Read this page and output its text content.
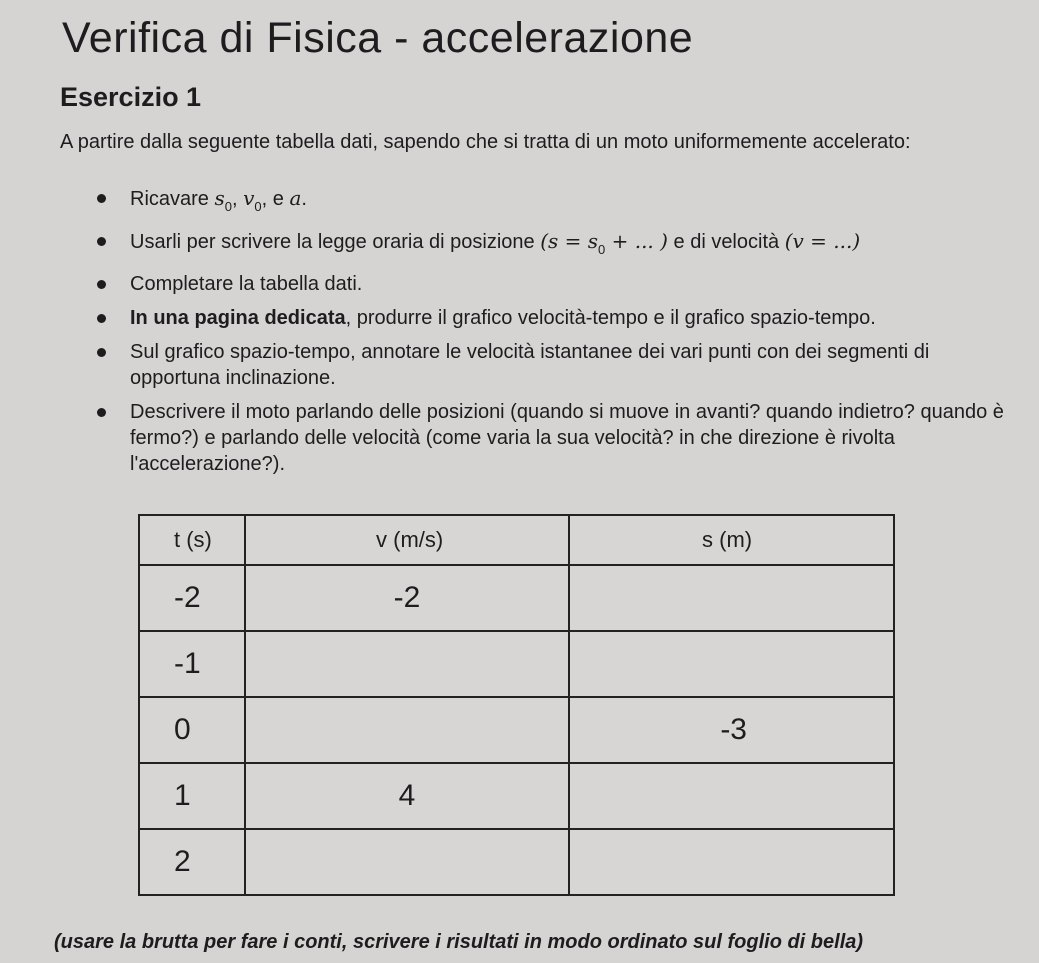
Verifica di Fisica - accelerazione
Esercizio 1

A partire dalla seguente tabella dati, sapendo che si tratta di un moto uniformemente accelerato:

Ricavare $s_0$, $v_0$, e a.
Usarli per scrivere la legge oraria di posizione ($s = s_0$ + ... ) e di velocità (v = ...)
Completare la tabella dati.
In una pagina dedicata, produrre il grafico velocità-tempo e il grafico spazio-tempo.
Sul grafico spazio-tempo, annotare le velocità istantanee dei vari punti con dei segmenti di opportuna inclinazione.
Descrivere il moto parlando delle posizioni (quando si muove in avanti? quando indietro? quando è fermo?) e parlando delle velocità (come varia la sua velocità? in che direzione è rivolta l'accelerazione?).
t (s)	v (m/s)	s (m)
-2	-2	
-1		
0		-3
1	4	
2		

(usare la brutta per fare i conti, scrivere i risultati in modo ordinato sul foglio di bella)
